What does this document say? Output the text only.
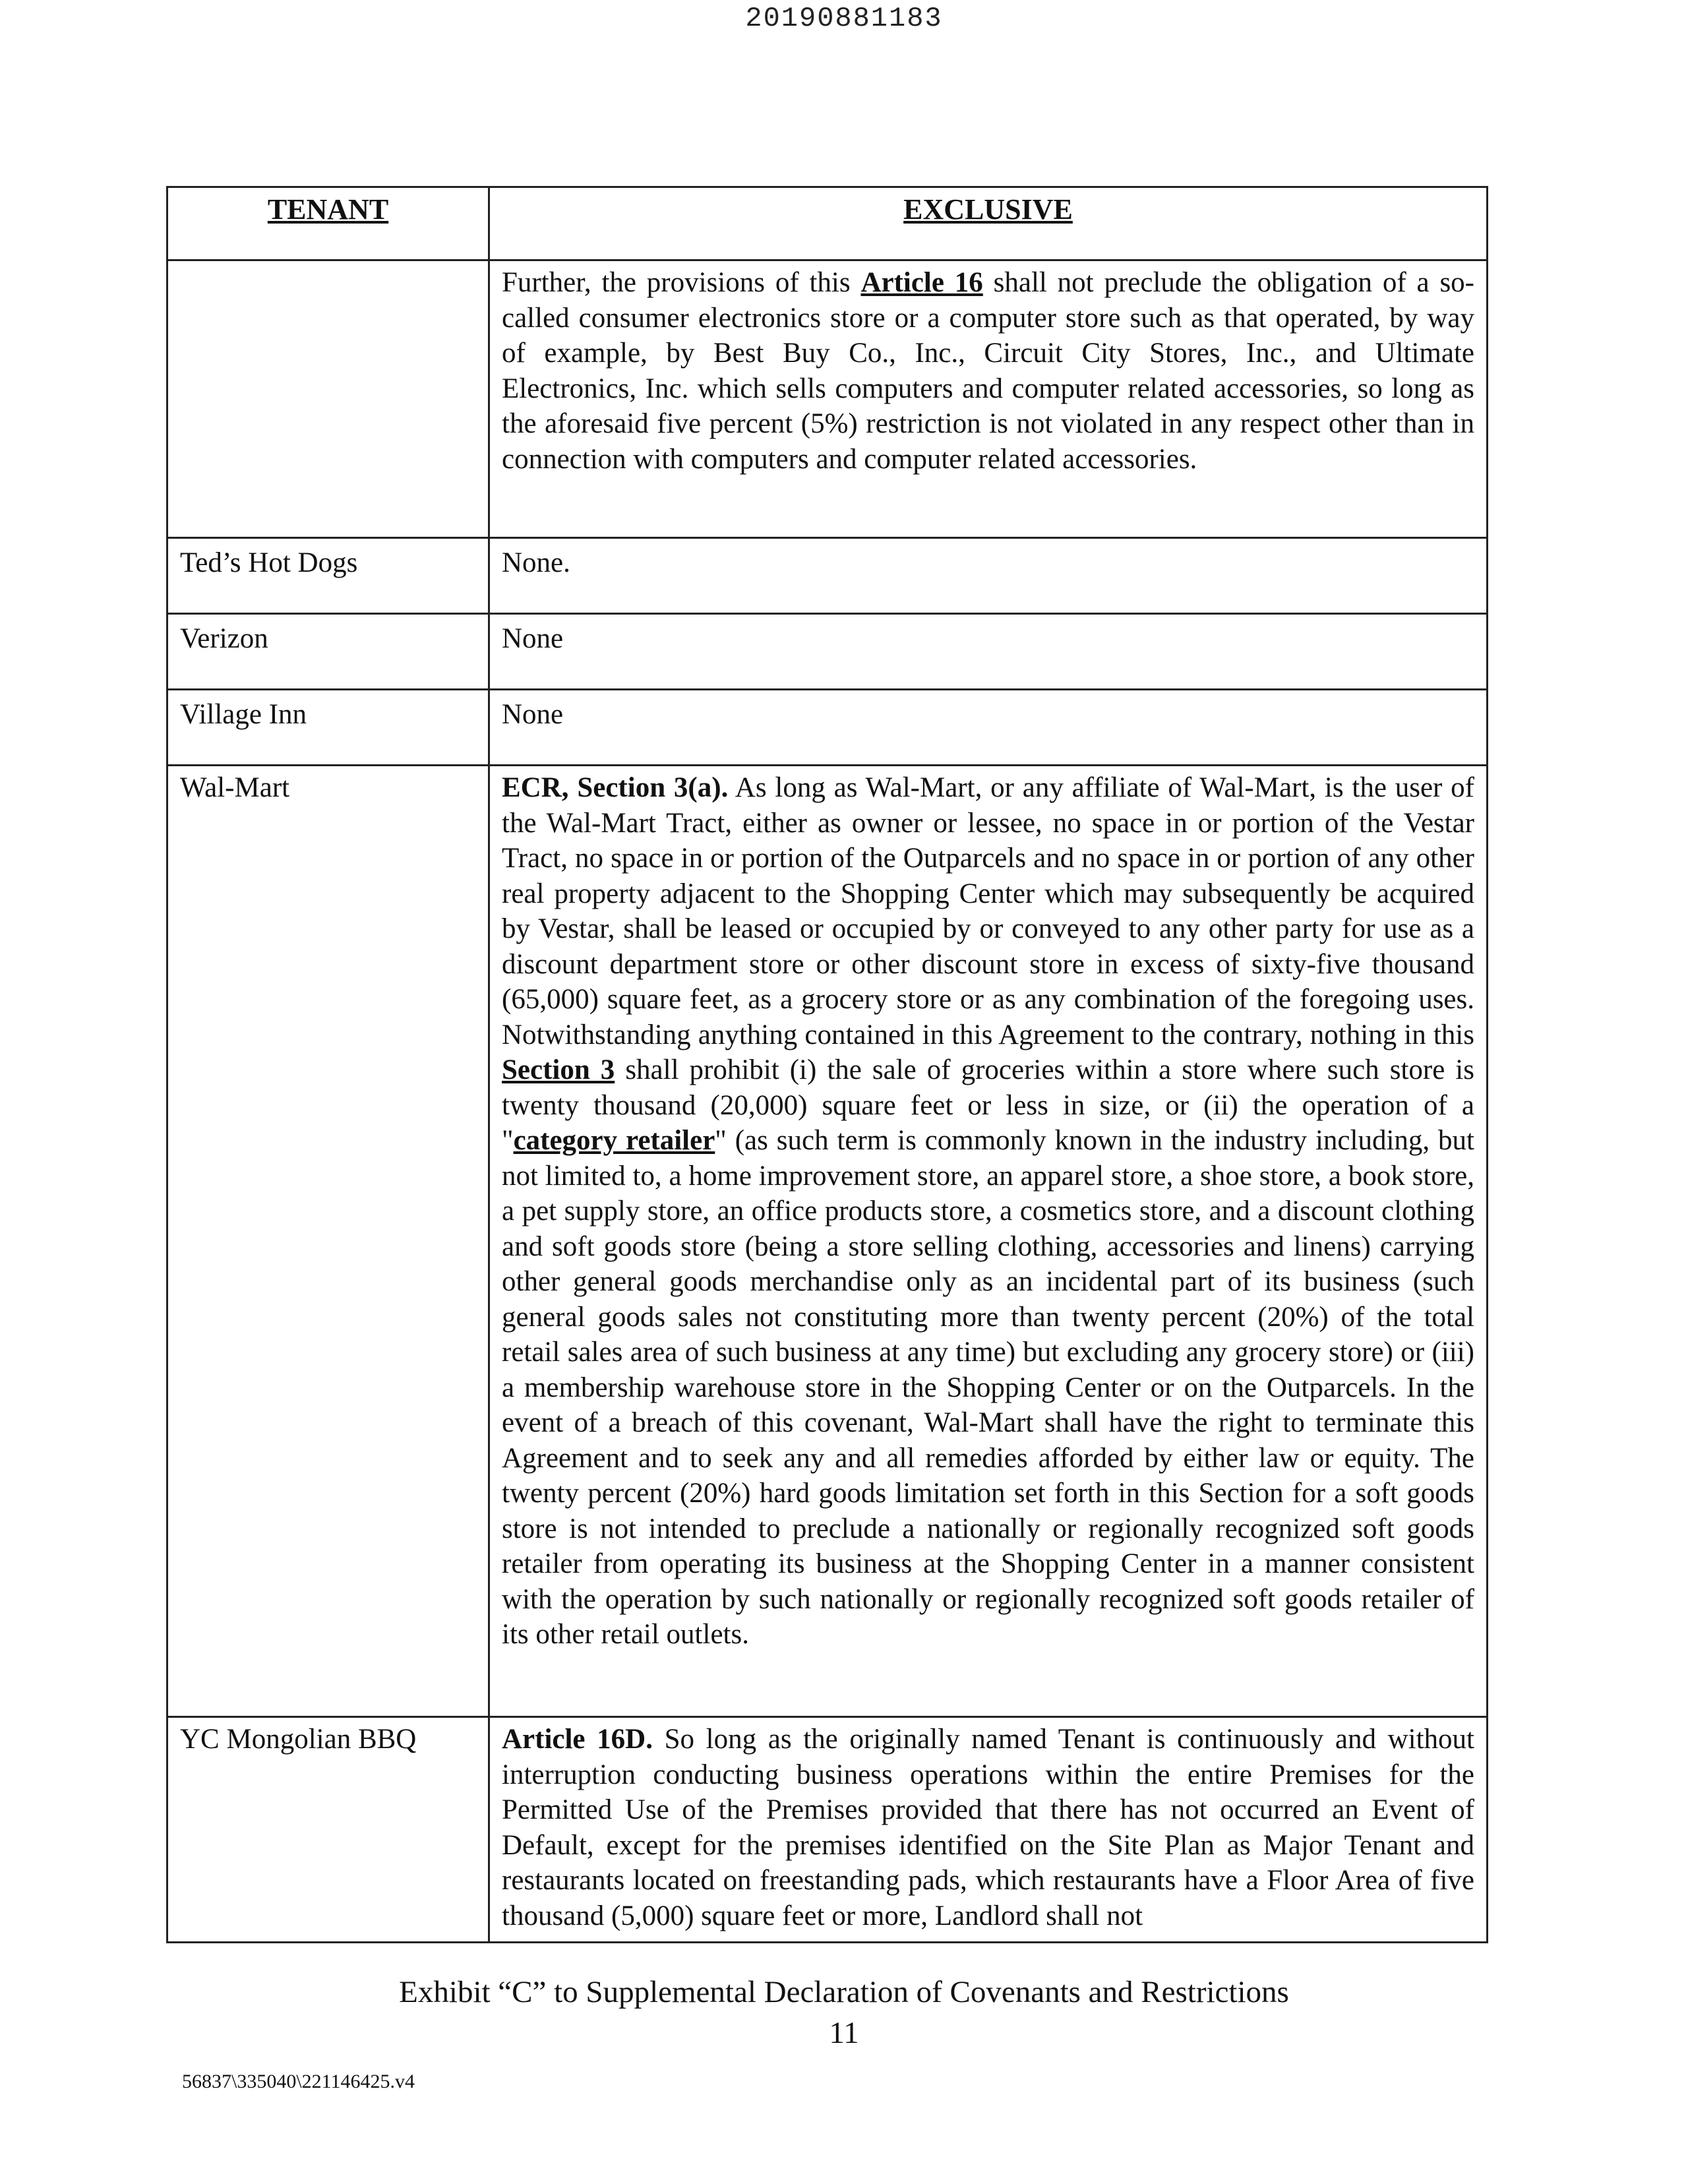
20190881183
TENANT	EXCLUSIVE
	Further, the provisions of this Article 16 shall not preclude the obligation of a so-called consumer electronics store or a computer store such as that operated, by way of example, by Best Buy Co., Inc., Circuit City Stores, Inc., and Ultimate Electronics, Inc. which sells computers and computer related accessories, so long as the aforesaid five percent (5%) restriction is not violated in any respect other than in connection with computers and computer related accessories.
Ted’s Hot Dogs	None.
Verizon	None
Village Inn	None
Wal-Mart	ECR, Section 3(a). As long as Wal-Mart, or any affiliate of Wal-Mart, is the user of the Wal-Mart Tract, either as owner or lessee, no space in or portion of the Vestar Tract, no space in or portion of the Outparcels and no space in or portion of any other real property adjacent to the Shopping Center which may subsequently be acquired by Vestar, shall be leased or occupied by or conveyed to any other party for use as a discount department store or other discount store in excess of sixty-five thousand (65,000) square feet, as a grocery store or as any combination of the foregoing uses. Notwithstanding anything contained in this Agreement to the contrary, nothing in this Section 3 shall prohibit (i) the sale of groceries within a store where such store is twenty thousand (20,000) square feet or less in size, or (ii) the operation of a "category retailer" (as such term is commonly known in the industry including, but not limited to, a home improvement store, an apparel store, a shoe store, a book store, a pet supply store, an office products store, a cosmetics store, and a discount clothing and soft goods store (being a store selling clothing, accessories and linens) carrying other general goods merchandise only as an incidental part of its business (such general goods sales not constituting more than twenty percent (20%) of the total retail sales area of such business at any time) but excluding any grocery store) or (iii) a membership warehouse store in the Shopping Center or on the Outparcels. In the event of a breach of this covenant, Wal-Mart shall have the right to terminate this Agreement and to seek any and all remedies afforded by either law or equity. The twenty percent (20%) hard goods limitation set forth in this Section for a soft goods store is not intended to preclude a nationally or regionally recognized soft goods retailer from operating its business at the Shopping Center in a manner consistent with the operation by such nationally or regionally recognized soft goods retailer of its other retail outlets.
YC Mongolian BBQ	Article 16D. So long as the originally named Tenant is continuously and without interruption conducting business operations within the entire Premises for the Permitted Use of the Premises provided that there has not occurred an Event of Default, except for the premises identified on the Site Plan as Major Tenant and restaurants located on freestanding pads, which restaurants have a Floor Area of five thousand (5,000) square feet or more, Landlord shall not
Exhibit “C” to Supplemental Declaration of Covenants and Restrictions
11
56837\335040\221146425.v4
